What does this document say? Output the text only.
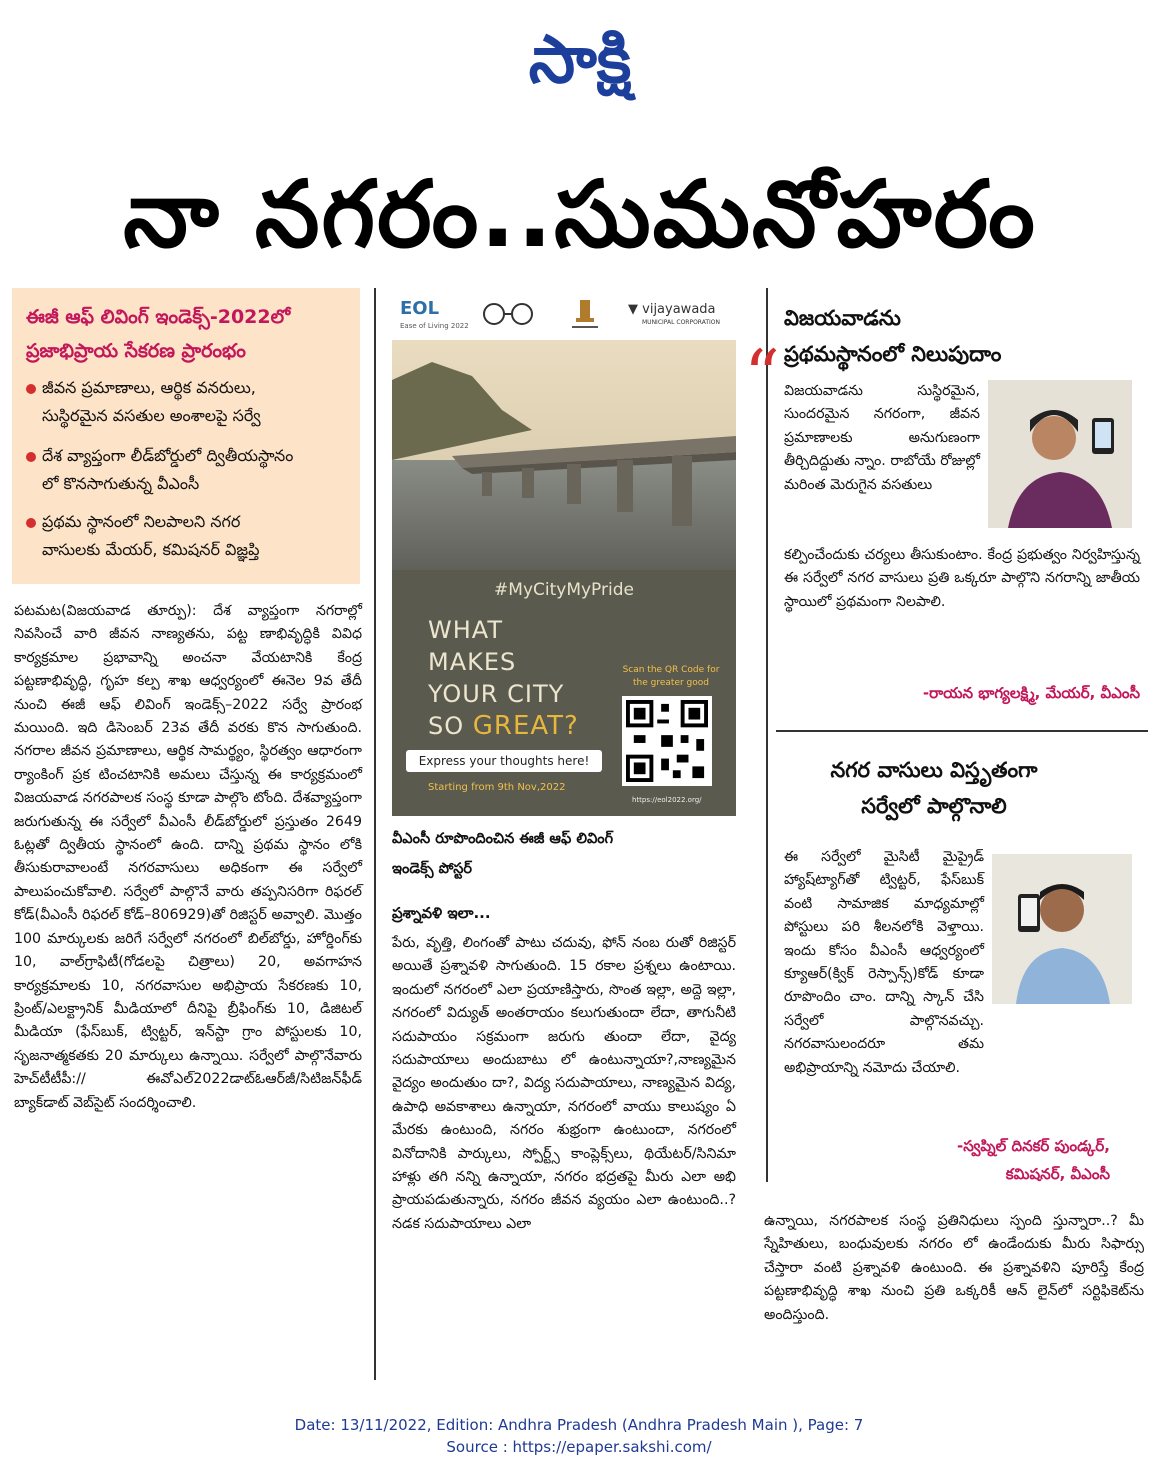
సాక్షి
నా నగరం..సుమనోహరం
ఈజీ ఆఫ్ లివింగ్ ఇండెక్స్-2022లో
ప్రజాభిప్రాయ సేకరణ ప్రారంభం
జీవన ప్రమాణాలు, ఆర్థిక వనరులు,
సుస్థిరమైన వసతుల అంశాలపై సర్వే
దేశ వ్యాప్తంగా లీడ్‌బోర్డులో ద్వితీయస్థానం
లో కొనసాగుతున్న వీఎంసీ
ప్రథమ స్థానంలో నిలపాలని నగర
వాసులకు మేయర్, కమిషనర్ విజ్ఞప్తి
పటమట(విజయవాడ తూర్పు): దేశ వ్యాప్తంగా నగరాల్లో నివసించే వారి జీవన నాణ్యతను, పట్ట ణాభివృద్ధికి వివిధ కార్యక్రమాల ప్రభావాన్ని అంచనా వేయటానికి కేంద్ర పట్టణాభివృద్ధి, గృహ కల్ప శాఖ ఆధ్వర్యంలో ఈనెల 9వ తేదీ నుంచి ఈజీ ఆఫ్ లివింగ్ ఇండెక్స్–2022 సర్వే ప్రారంభ మయింది. ఇది డిసెంబర్ 23వ తేదీ వరకు కొన సాగుతుంది. నగరాల జీవన ప్రమాణాలు, ఆర్థిక సామర్థ్యం, స్థిరత్వం ఆధారంగా ర్యాంకింగ్ ప్రక టించటానికి అమలు చేస్తున్న ఈ కార్యక్రమంలో విజయవాడ నగరపాలక సంస్థ కూడా పాల్గొం టోంది. దేశవ్యాప్తంగా జరుగుతున్న ఈ సర్వేలో వీఎంసీ లీడ్‌బోర్డులో ప్రస్తుతం 2649 ఓట్లతో ద్వితీయ స్థానంలో ఉంది. దాన్ని ప్రథమ స్థానం లోకి తీసుకురావాలంటే నగరవాసులు అధికంగా ఈ సర్వేలో పాలుపంచుకోవాలి. సర్వేలో పాల్గొనే వారు తప్పనిసరిగా రిఫరల్ కోడ్(వీఎంసీ రిఫరల్ కోడ్–806929)తో రిజిస్టర్ అవ్వాలి. మొత్తం 100 మార్కులకు జరిగే సర్వేలో నగరంలో బిల్‌బోర్డు, హోర్డింగ్‌కు 10, వాల్‌గ్రాఫిటీ(గోడలపై చిత్రాలు) 20, అవగాహన కార్యక్రమాలకు 10, నగరవాసుల అభిప్రాయ సేకరణకు 10, ప్రింట్/ఎలక్ట్రానిక్ మీడియాలో దీనిపై బ్రీఫింగ్‌కు 10, డిజిటల్ మీడియా (ఫేస్‌బుక్, ట్విట్టర్, ఇన్‌స్టా గ్రాం పోస్టులకు 10, సృజనాత్మకతకు 20 మార్కులు ఉన్నాయి. సర్వేలో పాల్గొనేవారు హెచ్‌టీటీపీ:// ఈవోఎల్2022డాట్‌ఓఆర్‌జీ/సిటిజన్‌ఫీడ్ బ్యాక్‌డాట్ వెబ్‌సైట్ సందర్శించాలి.
EOL
Ease of Living 2022
▼ vijayawada
MUNICIPAL CORPORATION
#MyCityMyPride
WHAT
MAKES
YOUR CITY
SO GREAT?
Scan the QR Code for the greater good
Express your thoughts here!
Starting from 9th Nov,2022
https://eol2022.org/
వీఎంసీ రూపొందించిన ఈజీ ఆఫ్ లివింగ్
ఇండెక్స్ పోస్టర్
ప్రశ్నావళి ఇలా...
పేరు, వృత్తి, లింగంతో పాటు చదువు, ఫోన్ నంబ రుతో రిజిస్టర్ అయితే ప్రశ్నావళి సాగుతుంది. 15 రకాల ప్రశ్నలు ఉంటాయి. ఇందులో నగరంలో ఎలా ప్రయాణిస్తారు, సొంత ఇల్లా, అద్దె ఇల్లా, నగరంలో విద్యుత్ అంతరాయం కలుగుతుందా లేదా, తాగునీటి సదుపాయం సక్రమంగా జరుగు తుందా లేదా, వైద్య సదుపాయాలు అందుబాటు లో ఉంటున్నాయా?,నాణ్యమైన వైద్యం అందుతుం దా?, విద్య సదుపాయాలు, నాణ్యమైన విద్య, ఉపాధి అవకాశాలు ఉన్నాయా, నగరంలో వాయు కాలుష్యం ఏ మేరకు ఉంటుంది, నగరం శుభ్రంగా ఉంటుందా, నగరంలో వినోదానికి పార్కులు, స్పోర్ట్స్ కాంప్లెక్స్‌లు, థియేటర్/సినిమా హాళ్లు తగి నన్ని ఉన్నాయా, నగరం భద్రతపై మీరు ఎలా అభి ప్రాయపడుతున్నారు, నగరం జీవన వ్యయం ఎలా ఉంటుంది..? నడక సదుపాయాలు ఎలా
విజయవాడను
ప్రథమస్థానంలో నిలుపుదాం
“ విజయవాడను సుస్థిరమైన, సుందరమైన నగరంగా, జీవన ప్రమాణాలకు అనుగుణంగా తీర్చిదిద్దుతు న్నాం. రాబోయే రోజుల్లో మరింత మెరుగైన వసతులు
కల్పించేందుకు చర్యలు తీసుకుంటాం. కేంద్ర ప్రభుత్వం నిర్వహిస్తున్న ఈ సర్వేలో నగర వాసులు ప్రతి ఒక్కరూ పాల్గొని నగరాన్ని జాతీయ స్థాయిలో ప్రథమంగా నిలపాలి.
-రాయన భాగ్యలక్ష్మి, మేయర్, వీఎంసీ
నగర వాసులు విస్తృతంగా
సర్వేలో పాల్గొనాలి
ఈ సర్వేలో మైసిటీ మైప్రైడ్ హ్యాష్‌ట్యాగ్‌తో ట్విట్టర్, ఫేస్‌బుక్ వంటి సామాజిక మాధ్యమాల్లో పోస్టులు పరి శీలనలోకి వెళ్తాయి. ఇందు కోసం వీఎంసీ ఆధ్వర్యంలో క్యూఆర్(క్విక్ రెస్పాన్స్)కోడ్ కూడా రూపొందిం చాం. దాన్ని స్కాన్ చేసి సర్వేలో పాల్గొనవచ్చు. నగరవాసులందరూ తమ అభిప్రాయాన్ని నమోదు చేయాలి.
-స్వప్నిల్ దినకర్ పుండ్కర్,
కమిషనర్, వీఎంసీ
ఉన్నాయి, నగరపాలక సంస్థ ప్రతినిధులు స్పంది స్తున్నారా..? మీ స్నేహితులు, బంధువులకు నగరం లో ఉండేందుకు మీరు సిఫార్సు చేస్తారా వంటి ప్రశ్నావళి ఉంటుంది. ఈ ప్రశ్నావళిని పూరిస్తే కేంద్ర పట్టణాభివృద్ధి శాఖ నుంచి ప్రతి ఒక్కరికీ ఆన్ లైన్‌లో సర్టిఫికెట్‌ను అందిస్తుంది.
Date: 13/11/2022, Edition: Andhra Pradesh (Andhra Pradesh Main ), Page: 7
Source : https://epaper.sakshi.com/
